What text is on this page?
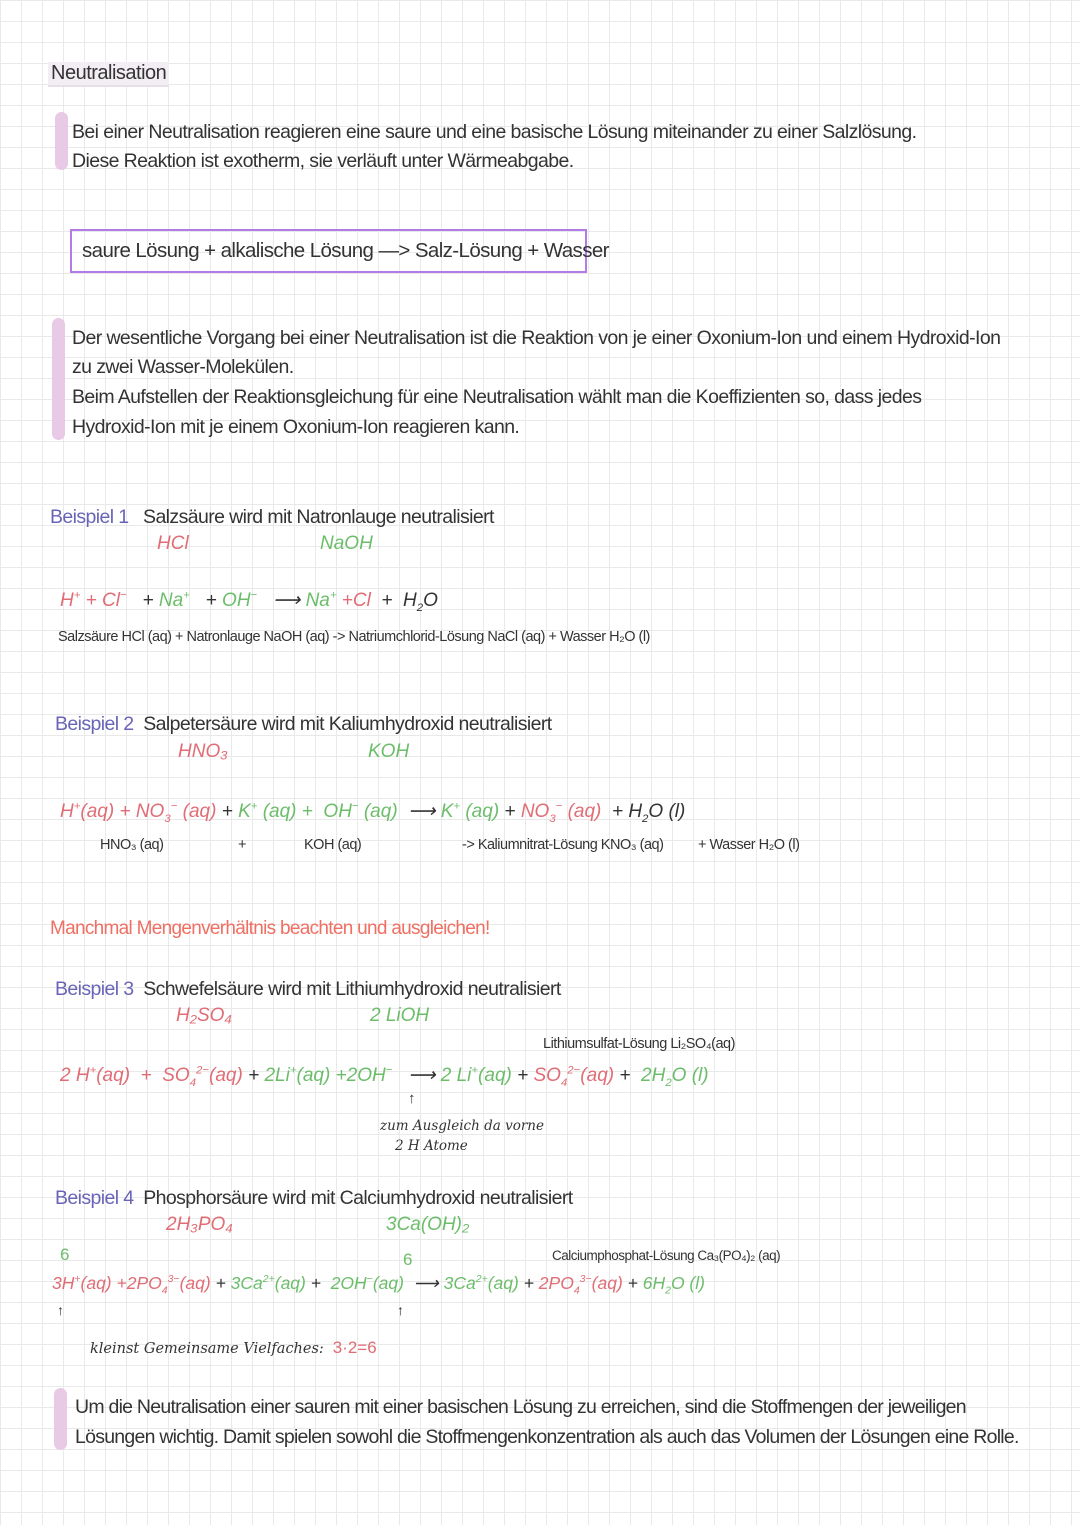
Neutralisation
Bei einer Neutralisation reagieren eine saure und eine basische Lösung miteinander zu einer Salzlösung.
Diese Reaktion ist exotherm, sie verläuft unter Wärmeabgabe.
saure Lösung + alkalische Lösung —> Salz-Lösung + Wasser
Der wesentliche Vorgang bei einer Neutralisation ist die Reaktion von je einer Oxonium-Ion und einem Hydroxid-Ion
zu zwei Wasser-Molekülen.
Beim Aufstellen der Reaktionsgleichung für eine Neutralisation wählt man die Koeffizienten so, dass jedes
Hydroxid-Ion mit je einem Oxonium-Ion reagieren kann.
Beispiel 1 Salzsäure wird mit Natronlauge neutralisiert
HCl	NaOH
H+ + Cl−   + Na+   + OH−   ⟶ $Na^+ +Cl + H_2O$
Salzsäure HCl (aq) + Natronlauge NaOH (aq) -> Natriumchlorid-Lösung NaCl (aq) + Wasser H₂O (l)
Beispiel 2 Salpetersäure wird mit Kaliumhydroxid neutralisiert
HNO₃	KOH
$H^+(aq) + NO_3^-$ (aq) + K+ (aq) +  OH− (aq)  ⟶ K+ $(aq) + NO_3^-$ $(aq) + H_2O$ (l)
HNO₃ (aq)	+	KOH (aq)	-> Kaliumnitrat-Lösung KNO₃ (aq) + Wasser H₂O (l)
Manchmal Mengenverhältnis beachten und ausgleichen!
Beispiel 3 Schwefelsäure wird mit Lithiumhydroxid neutralisiert
H₂SO₄	2 LiOH
Lithiumsulfat-Lösung Li₂SO₄(aq)
2 $H^+(aq) + SO_4^{2-}(aq) + 2Li^+(aq) +2OH^-$   ⟶ 2 $Li^+(aq) + SO_4^{2-}(aq) + 2H_2O$ (l)
↑
zum Ausgleich da vorne
2 H Atome
Beispiel 4 Phosphorsäure wird mit Calciumhydroxid neutralisiert
2H₃PO₄	3Ca(OH)₂
Calciumphosphat-Lösung Ca₃(PO₄)₂ (aq)
6	6
$3H^+(aq) +2PO_4^{3-}(aq) + 3Ca^{2+}(aq) + 2OH^-(aq)$  ⟶ $3Ca^{2+}(aq) + 2PO_4^{3-}(aq) + 6H_2O$ (l)
↑	↑
kleinst Gemeinsame Vielfaches: 3·2=6
Um die Neutralisation einer sauren mit einer basischen Lösung zu erreichen, sind die Stoffmengen der jeweiligen
Lösungen wichtig. Damit spielen sowohl die Stoffmengenkonzentration als auch das Volumen der Lösungen eine Rolle.
